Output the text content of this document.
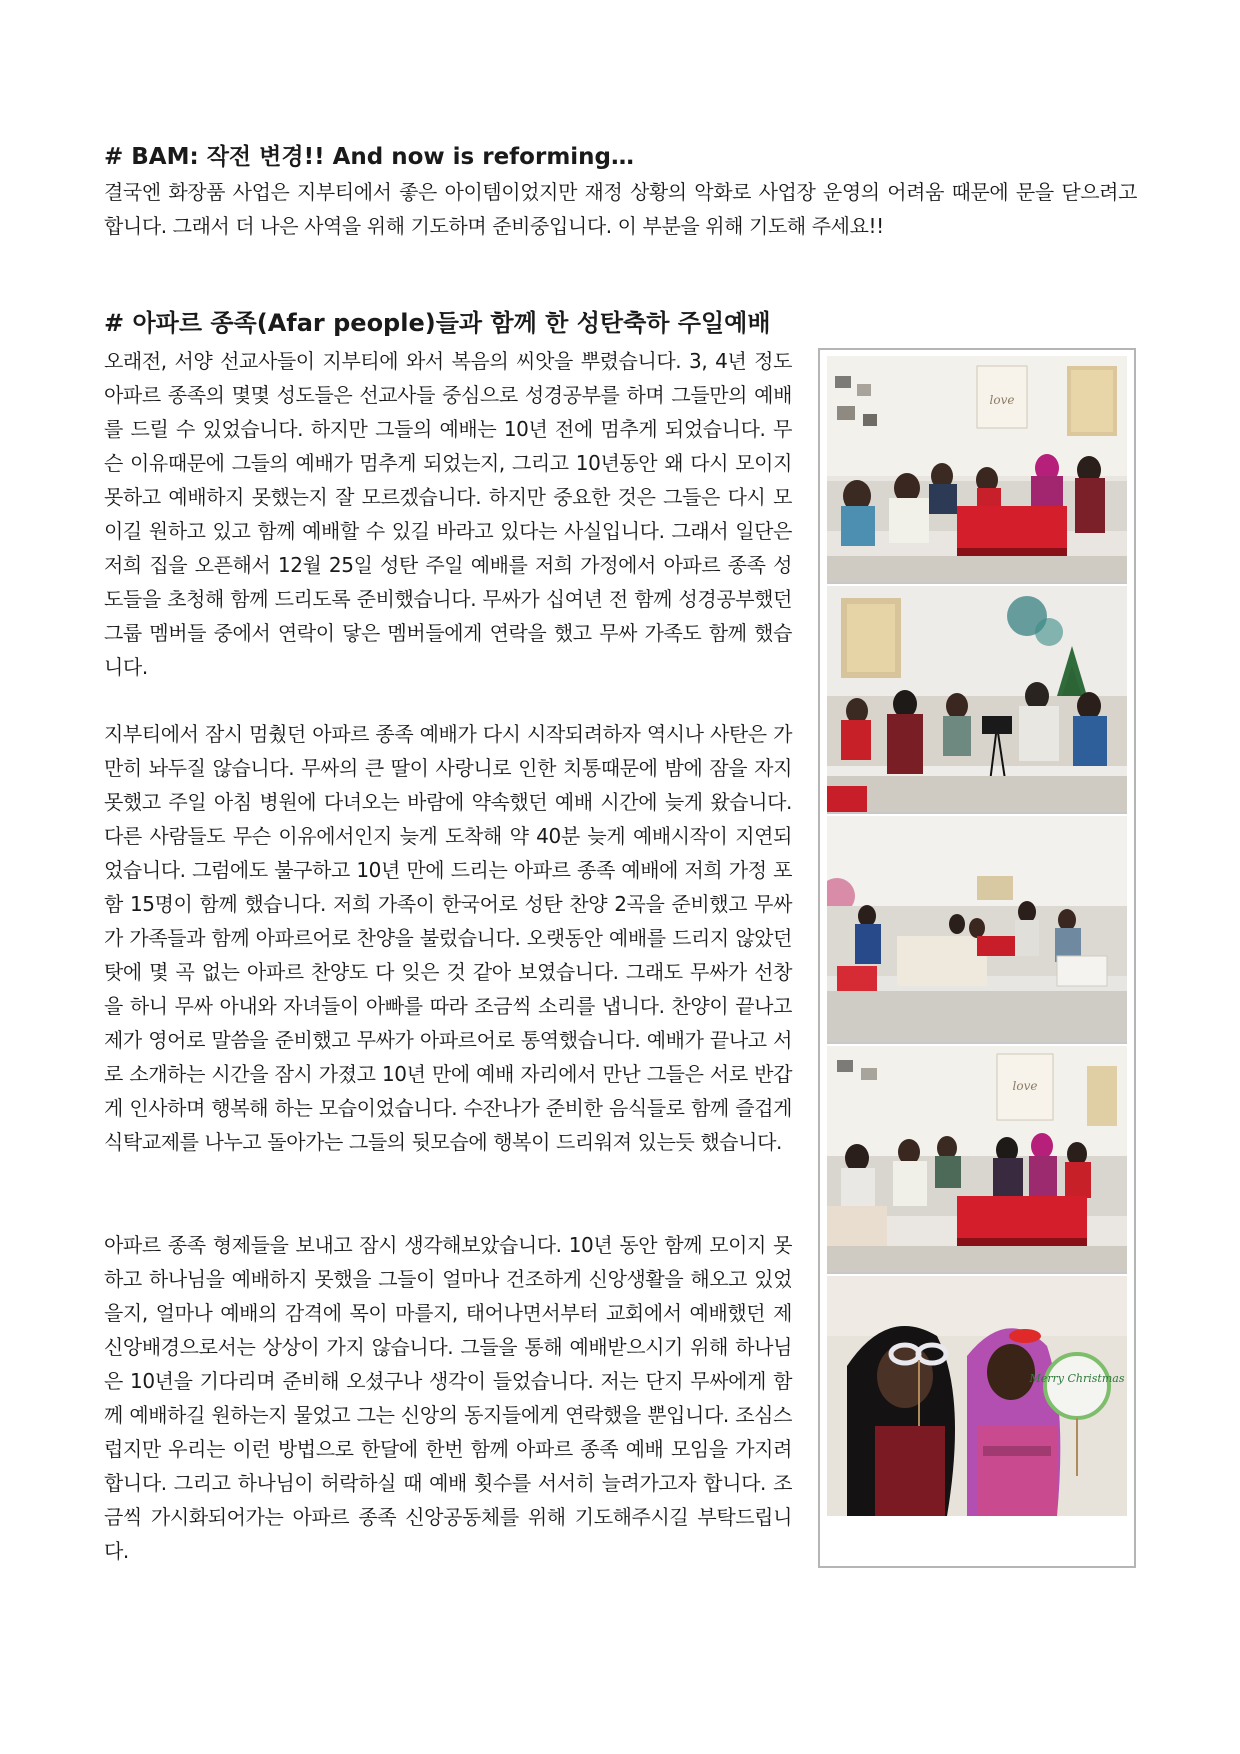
# BAM: 작전 변경!! And now is reforming…

결국엔 화장품 사업은 지부티에서 좋은 아이템이었지만 재정 상황의 악화로 사업장 운영의 어려움 때문에 문을 닫으려고 합니다. 그래서 더 나은 사역을 위해 기도하며 준비중입니다. 이 부분을 위해 기도해 주세요!!

# 아파르 종족(Afar people)들과 함께 한 성탄축하 주일예배

오래전, 서양 선교사들이 지부티에 와서 복음의 씨앗을 뿌렸습니다. 3, 4년 정도 아파르 종족의 몇몇 성도들은 선교사들 중심으로 성경공부를 하며 그들만의 예배를 드릴 수 있었습니다. 하지만 그들의 예배는 10년 전에 멈추게 되었습니다. 무슨 이유때문에 그들의 예배가 멈추게 되었는지, 그리고 10년동안 왜 다시 모이지 못하고 예배하지 못했는지 잘 모르겠습니다. 하지만 중요한 것은 그들은 다시 모이길 원하고 있고 함께 예배할 수 있길 바라고 있다는 사실입니다. 그래서 일단은 저희 집을 오픈해서 12월 25일 성탄 주일 예배를 저희 가정에서 아파르 종족 성도들을 초청해 함께 드리도록 준비했습니다. 무싸가 십여년 전 함께 성경공부했던 그룹 멤버들 중에서 연락이 닿은 멤버들에게 연락을 했고 무싸 가족도 함께 했습니다.

지부티에서 잠시 멈췄던 아파르 종족 예배가 다시 시작되려하자 역시나 사탄은 가만히 놔두질 않습니다. 무싸의 큰 딸이 사랑니로 인한 치통때문에 밤에 잠을 자지 못했고 주일 아침 병원에 다녀오는 바람에 약속했던 예배 시간에 늦게 왔습니다. 다른 사람들도 무슨 이유에서인지 늦게 도착해 약 40분 늦게 예배시작이 지연되었습니다. 그럼에도 불구하고 10년 만에 드리는 아파르 종족 예배에 저희 가정 포함 15명이 함께 했습니다. 저희 가족이 한국어로 성탄 찬양 2곡을 준비했고 무싸가 가족들과 함께 아파르어로 찬양을 불렀습니다. 오랫동안 예배를 드리지 않았던 탓에 몇 곡 없는 아파르 찬양도 다 잊은 것 같아 보였습니다. 그래도 무싸가 선창을 하니 무싸 아내와 자녀들이 아빠를 따라 조금씩 소리를 냅니다. 찬양이 끝나고 제가 영어로 말씀을 준비했고 무싸가 아파르어로 통역했습니다. 예배가 끝나고 서로 소개하는 시간을 잠시 가졌고 10년 만에 예배 자리에서 만난 그들은 서로 반갑게 인사하며 행복해 하는 모습이었습니다. 수잔나가 준비한 음식들로 함께 즐겁게 식탁교제를 나누고 돌아가는 그들의 뒷모습에 행복이 드리워져 있는듯 했습니다.

아파르 종족 형제들을 보내고 잠시 생각해보았습니다. 10년 동안 함께 모이지 못하고 하나님을 예배하지 못했을 그들이 얼마나 건조하게 신앙생활을 해오고 있었을지, 얼마나 예배의 감격에 목이 마를지, 태어나면서부터 교회에서 예배했던 제 신앙배경으로서는 상상이 가지 않습니다. 그들을 통해 예배받으시기 위해 하나님은 10년을 기다리며 준비해 오셨구나 생각이 들었습니다. 저는 단지 무싸에게 함께 예배하길 원하는지 물었고 그는 신앙의 동지들에게 연락했을 뿐입니다. 조심스럽지만 우리는 이런 방법으로 한달에 한번 함께 아파르 종족 예배 모임을 가지려 합니다. 그리고 하나님이 허락하실 때 예배 횟수를 서서히 늘려가고자 합니다. 조금씩 가시화되어가는 아파르 종족 신앙공동체를 위해 기도해주시길 부탁드립니다.

love
love
Merry Christmas
